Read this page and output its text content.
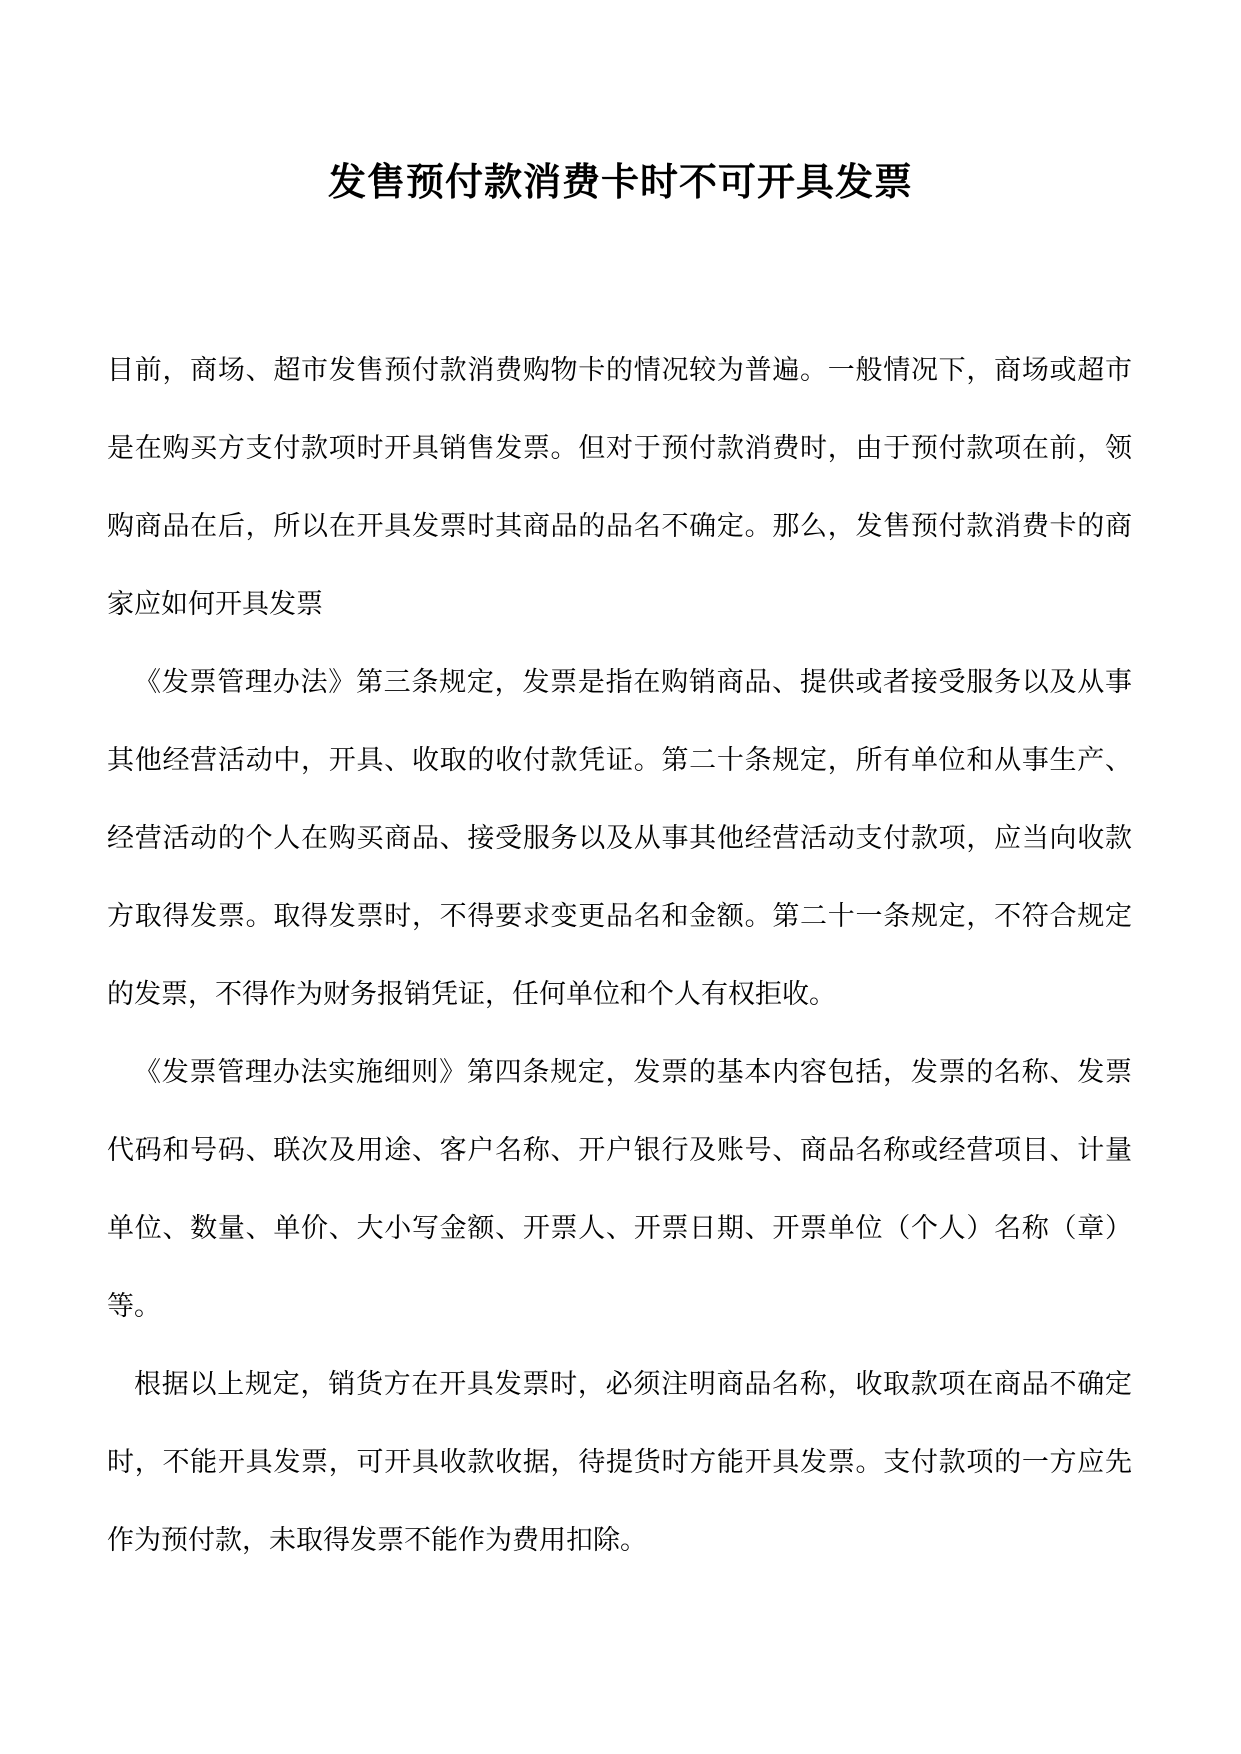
发售预付款消费卡时不可开具发票

目前，商场、超市发售预付款消费购物卡的情况较为普遍。一般情况下，商场或超市是在购买方支付款项时开具销售发票。但对于预付款消费时，由于预付款项在前，领购商品在后，所以在开具发票时其商品的品名不确定。那么，发售预付款消费卡的商家应如何开具发票

《发票管理办法》第三条规定，发票是指在购销商品、提供或者接受服务以及从事其他经营活动中，开具、收取的收付款凭证。第二十条规定，所有单位和从事生产、经营活动的个人在购买商品、接受服务以及从事其他经营活动支付款项，应当向收款方取得发票。取得发票时，不得要求变更品名和金额。第二十一条规定，不符合规定的发票，不得作为财务报销凭证，任何单位和个人有权拒收。

《发票管理办法实施细则》第四条规定，发票的基本内容包括，发票的名称、发票代码和号码、联次及用途、客户名称、开户银行及账号、商品名称或经营项目、计量单位、数量、单价、大小写金额、开票人、开票日期、开票单位（个人）名称（章）等。

根据以上规定，销货方在开具发票时，必须注明商品名称，收取款项在商品不确定时，不能开具发票，可开具收款收据，待提货时方能开具发票。支付款项的一方应先作为预付款，未取得发票不能作为费用扣除。
